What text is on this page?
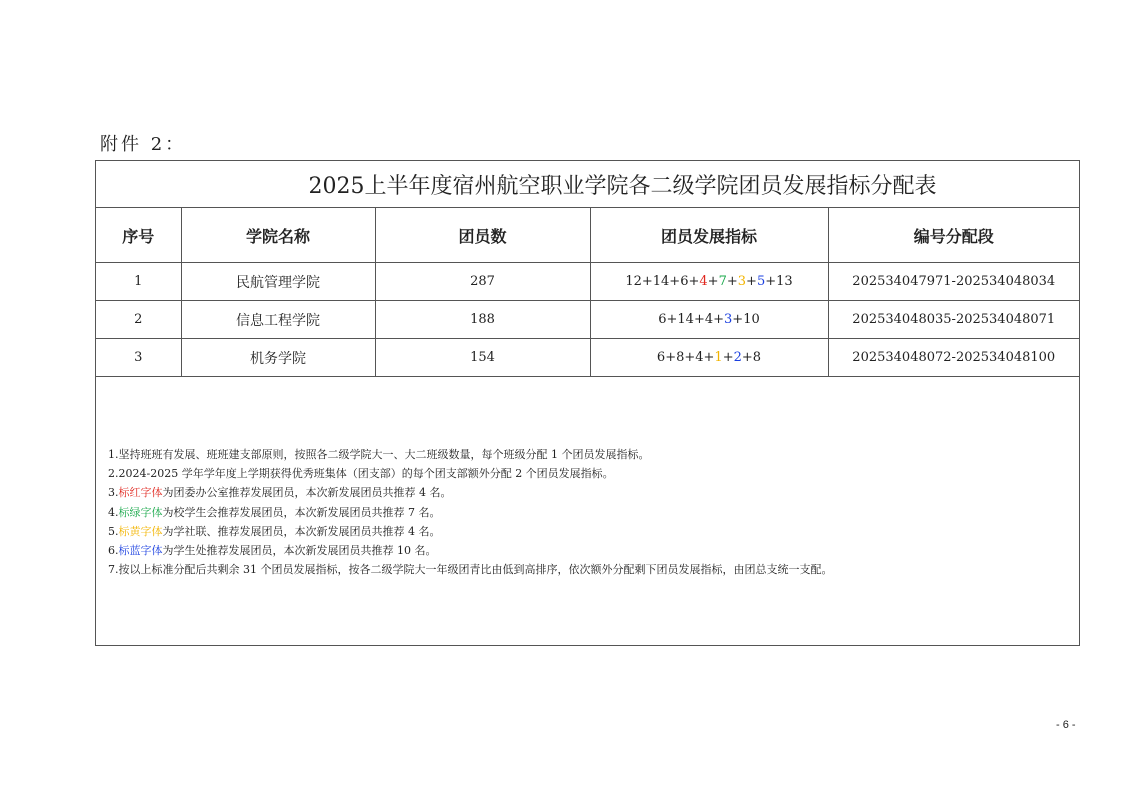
附件 2：
2025上半年度宿州航空职业学院各二级学院团员发展指标分配表
序号	学院名称	团员数	团员发展指标	编号分配段
1	民航管理学院	287	12+14+6+4+7+3+5+13	202534047971-202534048034
2	信息工程学院	188	6+14+4+3+10	202534048035-202534048071
3	机务学院	154	6+8+4+1+2+8	202534048072-202534048100
1.坚持班班有发展、班班建支部原则，按照各二级学院大一、大二班级数量，每个班级分配 1 个团员发展指标。
2.2024-2025 学年学年度上学期获得优秀班集体（团支部）的每个团支部额外分配 2 个团员发展指标。
3.标红字体为团委办公室推荐发展团员，本次新发展团员共推荐 4 名。
4.标绿字体为校学生会推荐发展团员，本次新发展团员共推荐 7 名。
5.标黄字体为学社联、推荐发展团员，本次新发展团员共推荐 4 名。
6.标蓝字体为学生处推荐发展团员，本次新发展团员共推荐 10 名。
7.按以上标准分配后共剩余 31 个团员发展指标，按各二级学院大一年级团青比由低到高排序，依次额外分配剩下团员发展指标，由团总支统一支配。
- 6 -
